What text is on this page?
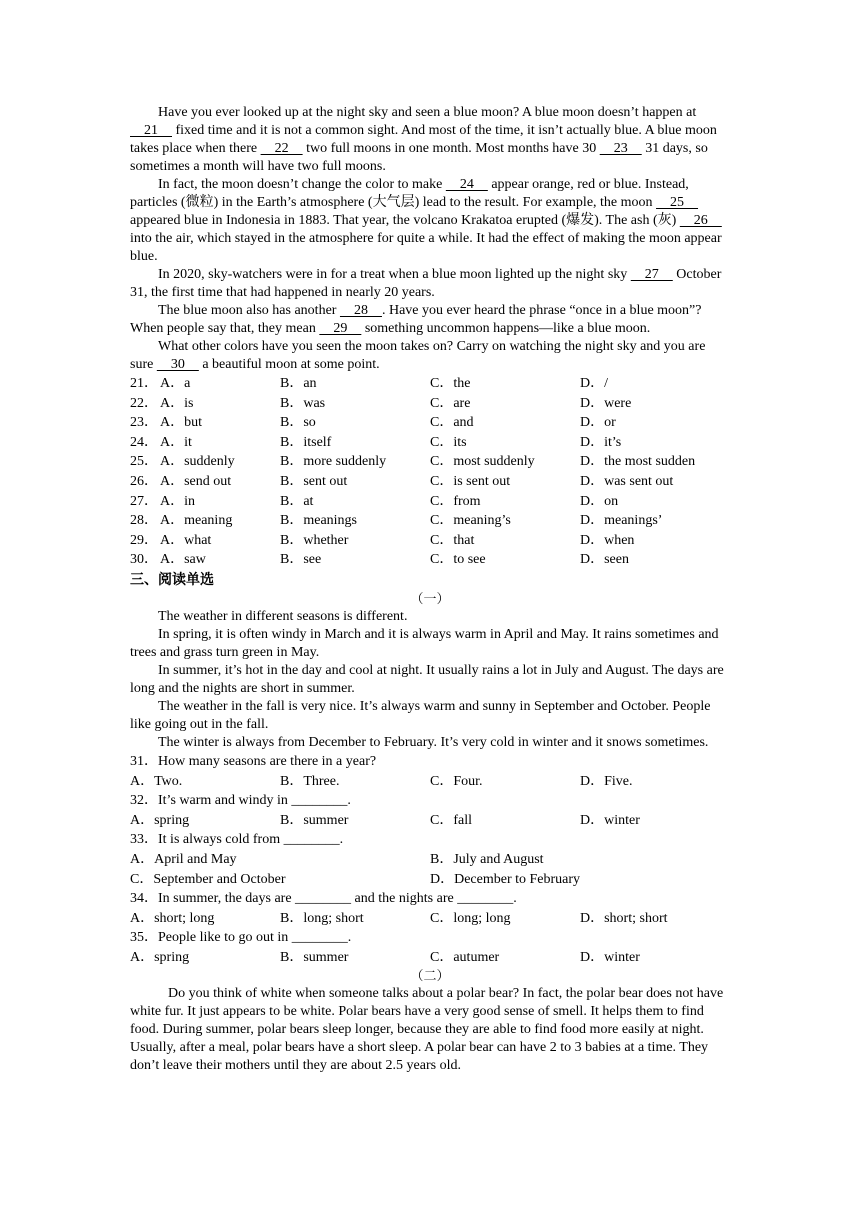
Have you ever looked up at the night sky and seen a blue moon? A blue moon doesn’t happen at     21     fixed time and it is not a common sight. And most of the time, it isn’t actually blue. A blue moon takes place when there     22     two full moons in one month. Most months have 30     23     31 days, so sometimes a month will have two full moons.

In fact, the moon doesn’t change the color to make     24     appear orange, red or blue. Instead, particles (微粒) in the Earth’s atmosphere (大气层) lead to the result. For example, the moon     25     appeared blue in Indonesia in 1883. That year, the volcano Krakatoa erupted (爆发). The ash (灰)     26     into the air, which stayed in the atmosphere for quite a while. It had the effect of making the moon appear blue.

In 2020, sky-watchers were in for a treat when a blue moon lighted up the night sky     27     October 31, the first time that had happened in nearly 20 years.

The blue moon also has another     28    . Have you ever heard the phrase “once in a blue moon”? When people say that, they mean     29     something uncommon happens—like a blue moon.

What other colors have you seen the moon takes on? Carry on watching the night sky and you are sure     30     a beautiful moon at some point.

21． A．a	B．an	C．the	D．/
22． A．is	B．was	C．are	D．were
23． A．but	B．so	C．and	D．or
24． A．it	B．itself	C．its	D．it’s
25． A．suddenly	B．more suddenly	C．most suddenly	D．the most sudden
26． A．send out	B．sent out	C．is sent out	D．was sent out
27． A．in	B．at	C．from	D．on
28． A．meaning	B．meanings	C．meaning’s	D．meanings’
29． A．what	B．whether	C．that	D．when
30． A．saw	B．see	C．to see	D．seen
三、阅读单选
（一）

The weather in different seasons is different.

In spring, it is often windy in March and it is always warm in April and May. It rains sometimes and trees and grass turn green in May.

In summer, it’s hot in the day and cool at night. It usually rains a lot in July and August. The days are long and the nights are short in summer.

The weather in the fall is very nice. It’s always warm and sunny in September and October. People like going out in the fall.

The winter is always from December to February. It’s very cold in winter and it snows sometimes.

31．How many seasons are there in a year?
A．Two.	B．Three.	C．Four.	D．Five.
32．It’s warm and windy in ________.
A．spring	B．summer	C．fall	D．winter
33．It is always cold from ________.
A．April and May	B．July and August
C．September and October	D．December to February
34．In summer, the days are ________ and the nights are ________.
A．short; long	B．long; short	C．long; long	D．short; short
35．People like to go out in ________.
A．spring	B．summer	C．autumer	D．winter
（二）

Do you think of white when someone talks about a polar bear? In fact, the polar bear does not have white fur. It just appears to be white. Polar bears have a very good sense of smell. It helps them to find food. During summer, polar bears sleep longer, because they are able to find food more easily at night. Usually, after a meal, polar bears have a short sleep. A polar bear can have 2 to 3 babies at a time. They don’t leave their mothers until they are about 2.5 years old.
